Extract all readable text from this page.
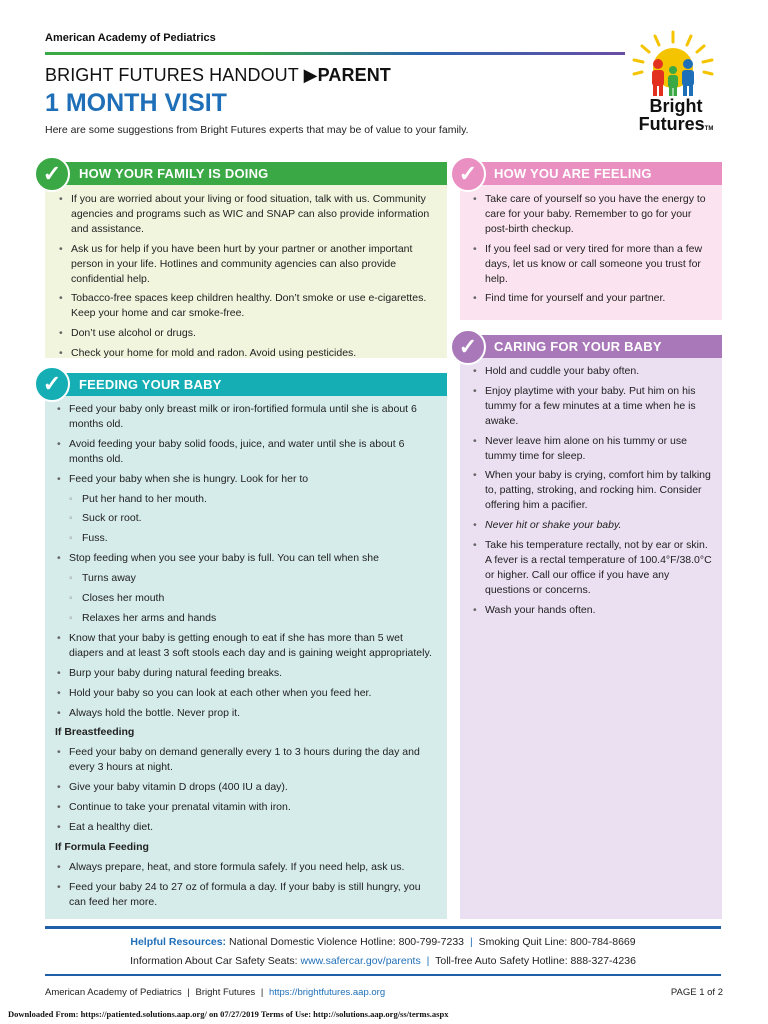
American Academy of Pediatrics
BRIGHT FUTURES HANDOUT ▶PARENT
1 MONTH VISIT
Here are some suggestions from Bright Futures experts that may be of value to your family.
Bright
FuturesTM
HOW YOUR FAMILY IS DOING
• If you are worried about your living or food situation, talk with us. Community agencies and programs such as WIC and SNAP can also provide information and assistance.
• Ask us for help if you have been hurt by your partner or another important person in your life. Hotlines and community agencies can also provide confidential help.
• Tobacco-free spaces keep children healthy. Don’t smoke or use e-cigarettes. Keep your home and car smoke-free.
• Don’t use alcohol or drugs.
• Check your home for mold and radon. Avoid using pesticides.
✓	HOW YOU ARE FEELING
• Take care of yourself so you have the energy to care for your baby. Remember to go for your post-birth checkup.
• If you feel sad or very tired for more than a few days, let us know or call someone you trust for help.
• Find time for yourself and your partner.
✓
CARING FOR YOUR BABY
• Hold and cuddle your baby often.
• Enjoy playtime with your baby. Put him on his tummy for a few minutes at a time when he is awake.
• Never leave him alone on his tummy or use tummy time for sleep.
• When your baby is crying, comfort him by talking to, patting, stroking, and rocking him. Consider offering him a pacifier.
• Never hit or shake your baby.
• Take his temperature rectally, not by ear or skin. A fever is a rectal temperature of 100.4°F/38.0°C or higher. Call our office if you have any questions or concerns.
• Wash your hands often.
✓
FEEDING YOUR BABY
• Feed your baby only breast milk or iron-fortified formula until she is about 6 months old.
• Avoid feeding your baby solid foods, juice, and water until she is about 6 months old.
• Feed your baby when she is hungry. Look for her to
◦ Put her hand to her mouth.
◦ Suck or root.
◦ Fuss.
• Stop feeding when you see your baby is full. You can tell when she
◦ Turns away
◦ Closes her mouth
◦ Relaxes her arms and hands
• Know that your baby is getting enough to eat if she has more than 5 wet diapers and at least 3 soft stools each day and is gaining weight appropriately.
• Burp your baby during natural feeding breaks.
• Hold your baby so you can look at each other when you feed her.
• Always hold the bottle. Never prop it.
If Breastfeeding
• Feed your baby on demand generally every 1 to 3 hours during the day and every 3 hours at night.
• Give your baby vitamin D drops (400 IU a day).
• Continue to take your prenatal vitamin with iron.
• Eat a healthy diet.
If Formula Feeding
• Always prepare, heat, and store formula safely. If you need help, ask us.
• Feed your baby 24 to 27 oz of formula a day. If your baby is still hungry, you can feed her more.
✓
Helpful Resources: National Domestic Violence Hotline: 800-799-7233 | Smoking Quit Line: 800-784-8669
Information About Car Safety Seats: www.safercar.gov/parents | Toll-free Auto Safety Hotline: 888-327-4236
American Academy of Pediatrics | Bright Futures | https://brightfutures.aap.org	PAGE 1 of 2
Downloaded From: https://patiented.solutions.aap.org/ on 07/27/2019 Terms of Use: http://solutions.aap.org/ss/terms.aspx
